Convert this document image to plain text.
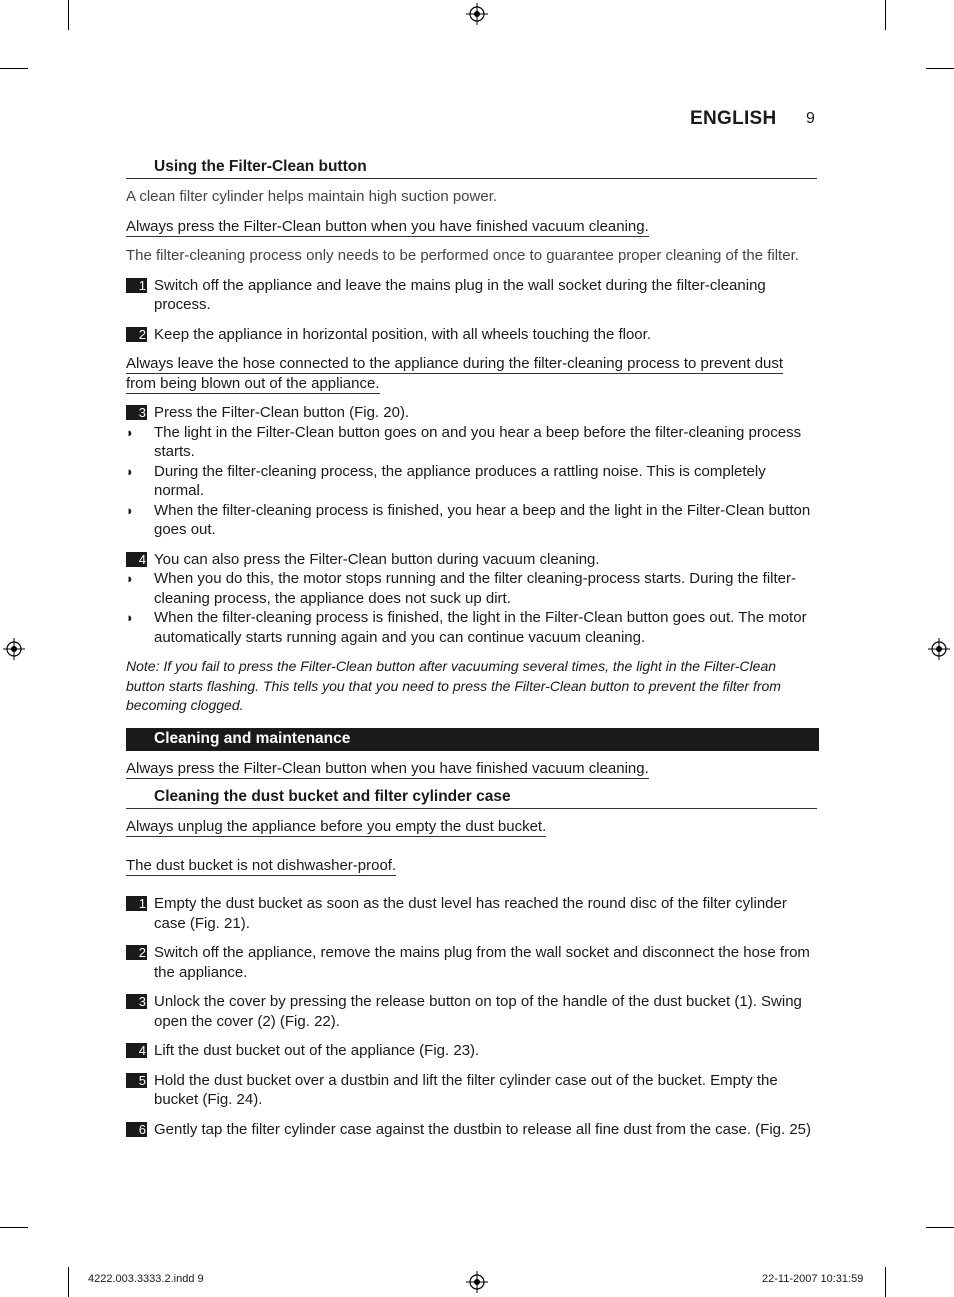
ENGLISH 9
Using the Filter-Clean button

A clean filter cylinder helps maintain high suction power.

Always press the Filter-Clean button when you have finished vacuum cleaning.

The filter-cleaning process only needs to be performed once to guarantee proper cleaning of the filter.

1 Switch off the appliance and leave the mains plug in the wall socket during the filter-cleaning process.
2 Keep the appliance in horizontal position, with all wheels touching the floor.

Always leave the hose connected to the appliance during the filter-cleaning process to prevent dust from being blown out of the appliance.

3 Press the Filter-Clean button (Fig. 20).
◗ The light in the Filter-Clean button goes on and you hear a beep before the filter-cleaning process starts.
◗ During the filter-cleaning process, the appliance produces a rattling noise. This is completely normal.
◗ When the filter-cleaning process is finished, you hear a beep and the light in the Filter-Clean button goes out.
4 You can also press the Filter-Clean button during vacuum cleaning.
◗ When you do this, the motor stops running and the filter cleaning-process starts. During the filter-cleaning process, the appliance does not suck up dirt.
◗ When the filter-cleaning process is finished, the light in the Filter-Clean button goes out. The motor automatically starts running again and you can continue vacuum cleaning.

Note: If you fail to press the Filter-Clean button after vacuuming several times, the light in the Filter-Clean button starts flashing. This tells you that you need to press the Filter-Clean button to prevent the filter from becoming clogged.

Cleaning and maintenance

Always press the Filter-Clean button when you have finished vacuum cleaning.

Cleaning the dust bucket and filter cylinder case

Always unplug the appliance before you empty the dust bucket.

The dust bucket is not dishwasher-proof.

1 Empty the dust bucket as soon as the dust level has reached the round disc of the filter cylinder case (Fig. 21).
2 Switch off the appliance, remove the mains plug from the wall socket and disconnect the hose from the appliance.
3 Unlock the cover by pressing the release button on top of the handle of the dust bucket (1). Swing open the cover (2) (Fig. 22).
4 Lift the dust bucket out of the appliance (Fig. 23).
5 Hold the dust bucket over a dustbin and lift the filter cylinder case out of the bucket. Empty the bucket (Fig. 24).
6 Gently tap the filter cylinder case against the dustbin to release all fine dust from the case. (Fig. 25)
4222.003.3333.2.indd 9	22-11-2007 10:31:59
